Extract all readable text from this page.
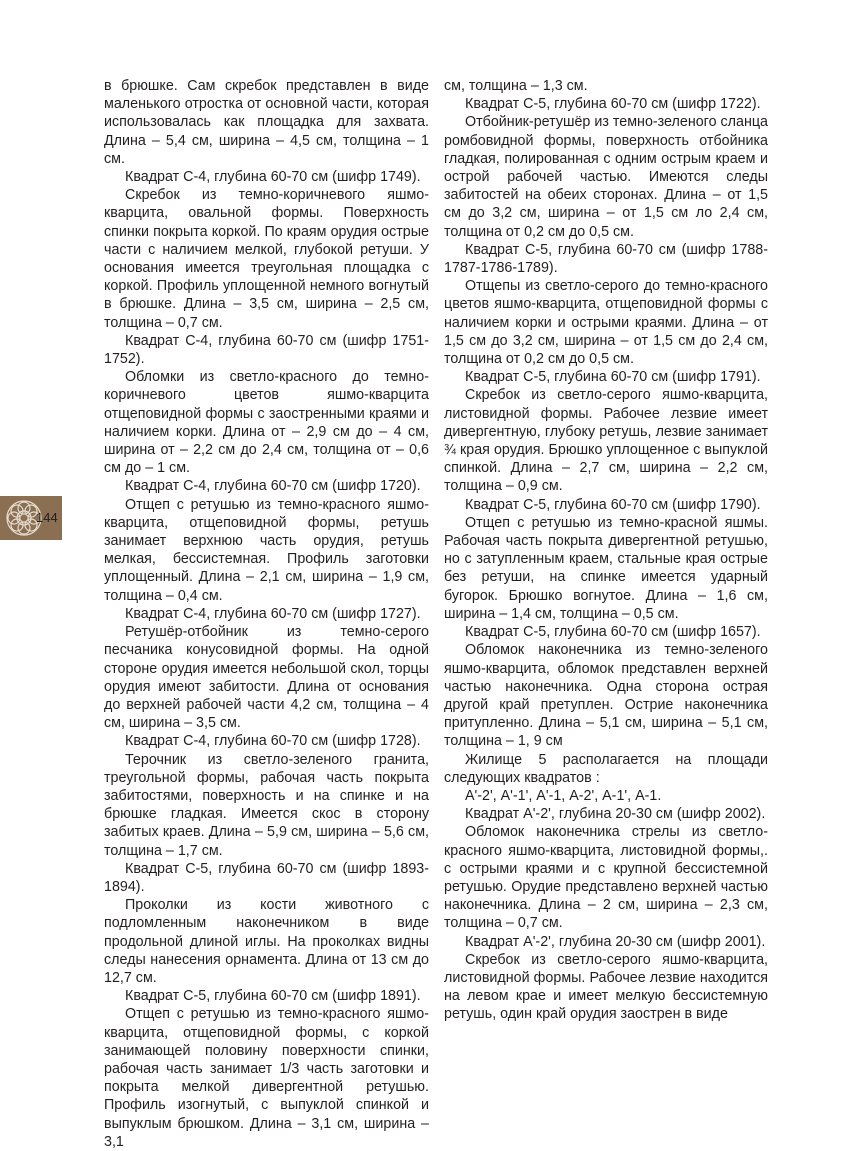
144

в брюшке. Сам скребок представлен в виде маленького отростка от основной части, которая использовалась как площадка для захвата. Длина – 5,4 см, ширина – 4,5 см, толщина – 1 см.

Квадрат С-4, глубина 60-70 см (шифр 1749).

Скребок из темно-коричневого яшмо-кварцита, овальной формы. Поверхность спинки покрыта коркой. По краям орудия острые части с наличием мелкой, глубокой ретуши. У основания имеется треугольная площадка с коркой. Профиль уплощенной немного вогнутый в брюшке. Длина – 3,5 см, ширина – 2,5 см, толщина – 0,7 см.

Квадрат С-4, глубина 60-70 см (шифр 1751-1752).

Обломки из светло-красного до темно-коричневого цветов яшмо-кварцита отщеповидной формы с заостренными краями и наличием корки. Длина от – 2,9 см до – 4 см, ширина от – 2,2 см до 2,4 см, толщина от – 0,6 см до – 1 см.

Квадрат С-4, глубина 60-70 см (шифр 1720).

Отщеп с ретушью из темно-красного яшмо-кварцита, отщеповидной формы, ретушь занимает верхнюю часть орудия, ретушь мелкая, бессистемная. Профиль заготовки уплощенный. Длина – 2,1 см, ширина – 1,9 см, толщина – 0,4 см.

Квадрат С-4, глубина 60-70 см (шифр 1727).

Ретушёр-отбойник из темно-серого песчаника конусовидной формы. На одной стороне орудия имеется небольшой скол, торцы орудия имеют забитости. Длина от основания до верхней рабочей части 4,2 см, толщина – 4 см, ширина – 3,5 см.

Квадрат С-4, глубина 60-70 см (шифр 1728).

Терочник из светло-зеленого гранита, треугольной формы, рабочая часть покрыта забитостями, поверхность и на спинке и на брюшке гладкая. Имеется скос в сторону забитых краев. Длина – 5,9 см, ширина – 5,6 см, толщина – 1,7 см.

Квадрат С-5, глубина 60-70 см (шифр 1893-1894).

Проколки из кости животного с подломленным наконечником в виде продольной длиной иглы. На проколках видны следы нанесения орнамента. Длина от 13 см до 12,7 см.

Квадрат С-5, глубина 60-70 см (шифр 1891).

Отщеп с ретушью из темно-красного яшмо-кварцита, отщеповидной формы, с коркой занимающей половину поверхности спинки, рабочая часть занимает 1/3 часть заготовки и покрыта мелкой дивергентной ретушью. Профиль изогнутый, с выпуклой спинкой и выпуклым брюшком. Длина – 3,1 см, ширина – 3,1

см, толщина – 1,3 см.

Квадрат С-5, глубина 60-70 см (шифр 1722).

Отбойник-ретушёр из темно-зеленого сланца ромбовидной формы, поверхность отбойника гладкая, полированная с одним острым краем и острой рабочей частью. Имеются следы забитостей на обеих сторонах. Длина – от 1,5 см до 3,2 см, ширина – от 1,5 см ло 2,4 см, толщина от 0,2 см до 0,5 см.

Квадрат С-5, глубина 60-70 см (шифр 1788-1787-1786-1789).

Отщепы из светло-серого до темно-красного цветов яшмо-кварцита, отщеповидной формы с наличием корки и острыми краями. Длина – от 1,5 см до 3,2 см, ширина – от 1,5 см до 2,4 см, толщина от 0,2 см до 0,5 см.

Квадрат С-5, глубина 60-70 см (шифр 1791).

Скребок из светло-серого яшмо-кварцита, листовидной формы. Рабочее лезвие имеет дивергентную, глубоку ретушь, лезвие занимает ¾ края орудия. Брюшко уплощенное с выпуклой спинкой. Длина – 2,7 см, ширина – 2,2 см, толщина – 0,9 см.

Квадрат С-5, глубина 60-70 см (шифр 1790).

Отщеп с ретушью из темно-красной яшмы. Рабочая часть покрыта дивергентной ретушью, но с затупленным краем, стальные края острые без ретуши, на спинке имеется ударный бугорок. Брюшко вогнутое. Длина – 1,6 см, ширина – 1,4 см, толщина – 0,5 см.

Квадрат С-5, глубина 60-70 см (шифр 1657).

Обломок наконечника из темно-зеленого яшмо-кварцита, обломок представлен верхней частью наконечника. Одна сторона острая другой край претуплен. Острие наконечника притупленно. Длина – 5,1 см, ширина – 5,1 см, толщина – 1, 9 см

Жилище 5 располагается на площади следующих квадратов :

А'-2', А'-1', А'-1, А-2', А-1', А-1.

Квадрат А'-2', глубина 20-30 см (шифр 2002).

Обломок наконечника стрелы из светло-красного яшмо-кварцита, листовидной формы,. с острыми краями и с крупной бессистемной ретушью. Орудие представлено верхней частью наконечника. Длина – 2 см, ширина – 2,3 см, толщина – 0,7 см.

Квадрат А'-2', глубина 20-30 см (шифр 2001).

Скребок из светло-серого яшмо-кварцита, листовидной формы. Рабочее лезвие находится на левом крае и имеет мелкую бессистемную ретушь, один край орудия заострен в виде
